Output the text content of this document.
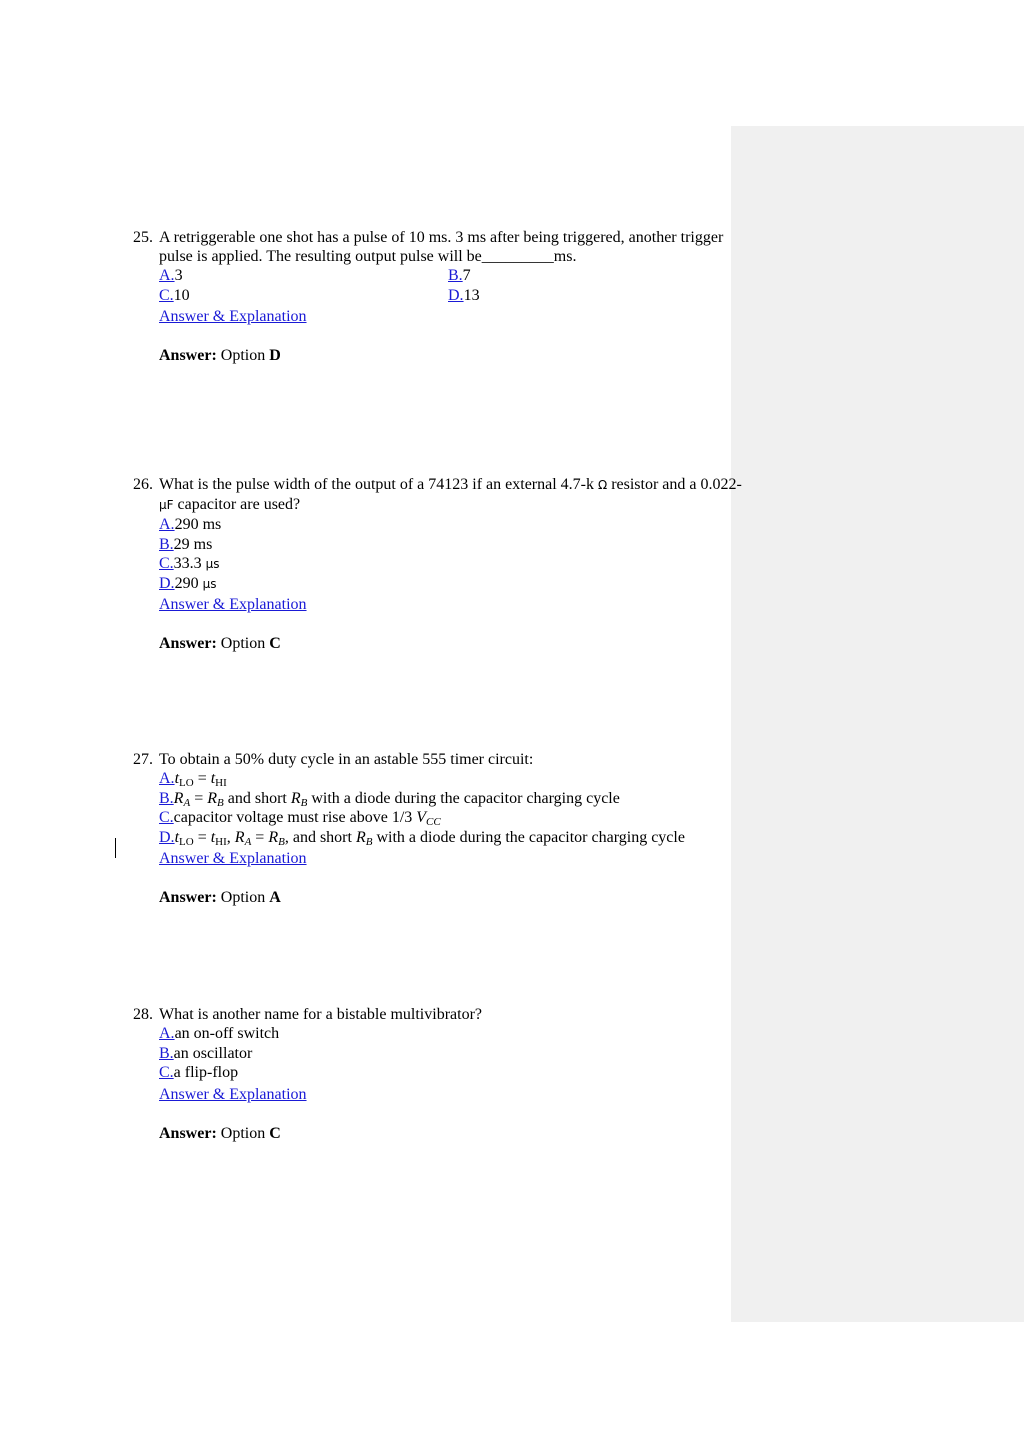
25. A retriggerable one shot has a pulse of 10 ms. 3 ms after being triggered, another trigger pulse is applied. The resulting output pulse will be_________ms.
A.3	B.7
C.10	D.13
Answer & Explanation
Answer: Option D
26. What is the pulse width of the output of a 74123 if an external 4.7-k Ω resistor and a 0.022-μF capacitor are used?
A.290 ms
B.29 ms
C.33.3 μs
D.290 μs
Answer & Explanation
Answer: Option C
27. To obtain a 50% duty cycle in an astable 555 timer circuit:
$A.t_{LO} = t_{HI}$
$B.R_A = R_B$ and short $R_B$ with a diode during the capacitor charging cycle
C.capacitor voltage must rise above 1/3 $V_{CC}$
$D.t_{LO} = t_{HI}$, $R_A = R_B$, and short $R_B$ with a diode during the capacitor charging cycle
Answer & Explanation
Answer: Option A
28. What is another name for a bistable multivibrator?
A.an on-off switch
B.an oscillator
C.a flip-flop
Answer & Explanation
Answer: Option C
